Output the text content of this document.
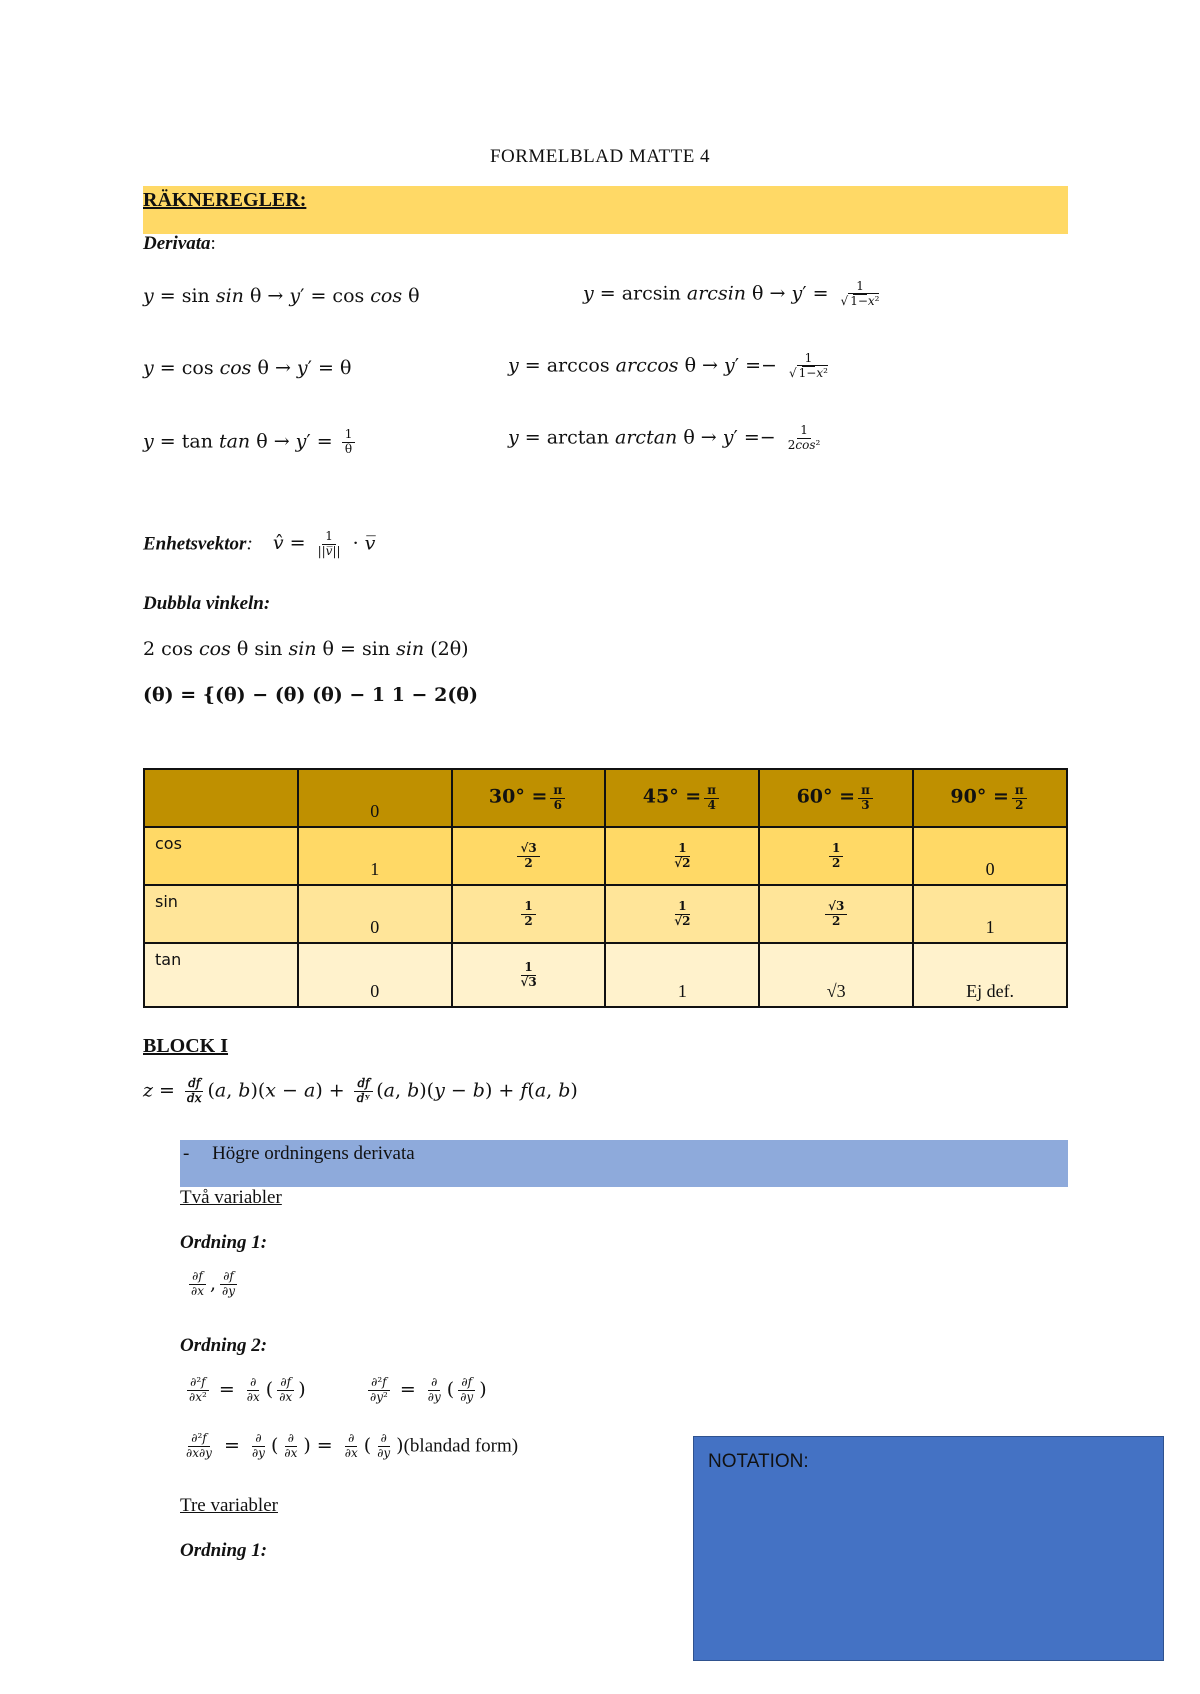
FORMELBLAD MATTE 4
RÄKNEREGLER:
Derivata:
𝑦 = sin 𝑠𝑖𝑛 θ → 𝑦′ = cos 𝑐𝑜𝑠 θ
𝑦 = cos 𝑐𝑜𝑠 θ → 𝑦′ = θ
𝑦 = tan 𝑡𝑎𝑛 θ → 𝑦′ = $\frac{1}{\theta}$
𝑦 = arcsin 𝑎𝑟𝑐𝑠𝑖𝑛 θ → 𝑦′ = $\frac{1}{\text{√ 1−𝑥²}}$
𝑦 = arccos 𝑎𝑟𝑐𝑐𝑜𝑠 θ → 𝑦′ =− $\frac{1}{\text{√ 1−𝑥²}}$
𝑦 = arctan 𝑎𝑟𝑐𝑡𝑎𝑛 θ → 𝑦′ =− $\frac{1}{\text{2𝑐𝑜𝑠²}}$
Enhetsvektor: 𝑣̂ = $\frac{1}{\text{||𝑣̅||}}$ · 𝑣̅
Dubbla vinkeln:
2 cos 𝑐𝑜𝑠 θ sin 𝑠𝑖𝑛 θ = sin 𝑠𝑖𝑛 (2θ)
(θ) = {(θ) − (θ) (θ) − 1 1 − 2(θ)
	0	$30^\circ = \frac{\pi}{6}$	$45^\circ = \frac{\pi}{4}$	$60^\circ = \frac{\pi}{3}$	$90^\circ = \frac{\pi}{2}$

cos	1	$\frac{√3}{2}$	$\frac{1}{√2}$	$\frac{1}{2}$	0
sin	0	$\frac{1}{2}$	$\frac{1}{√2}$	$\frac{√3}{2}$	1
tan	0	$\frac{1}{√3}$	1	√3	Ej def.
BLOCK I
𝑧 = $\frac{\text{𝑑𝑓}}{\text{𝑑𝑥}}$ (𝑎, 𝑏)(𝑥 − 𝑎) + $\frac{\text{𝑑𝑓}}{\text{𝑑ʸ}}$ (𝑎, 𝑏)(𝑦 − 𝑏) + 𝑓(𝑎, 𝑏)
- Högre ordningens derivata
Två variabler
Ordning 1:
$\frac{\text{∂𝑓}}{\text{∂𝑥}}$ , $\frac{\text{∂𝑓}}{\text{∂𝑦}}$
Ordning 2:
$\frac{\text{∂²𝑓}}{\text{∂𝑥²}} = \frac{\partial}{\text{∂𝑥}}$ ( $\frac{\text{∂𝑓}}{\text{∂𝑥}}$ )	$\frac{\text{∂²𝑓}}{\text{∂𝑦²}} = \frac{\partial}{\text{∂𝑦}}$ ( $\frac{\text{∂𝑓}}{\text{∂𝑦}}$ )
$\frac{\text{∂²𝑓}}{\text{∂𝑥∂𝑦}} = \frac{\partial}{\text{∂𝑦}}$ ( $\frac{\partial}{\text{∂𝑥}}$ ) = $\frac{\partial}{\text{∂𝑥}}$ ( $\frac{\partial}{\text{∂𝑦}}$ )(blandad form)
Tre variabler
Ordning 1:
NOTATION:
